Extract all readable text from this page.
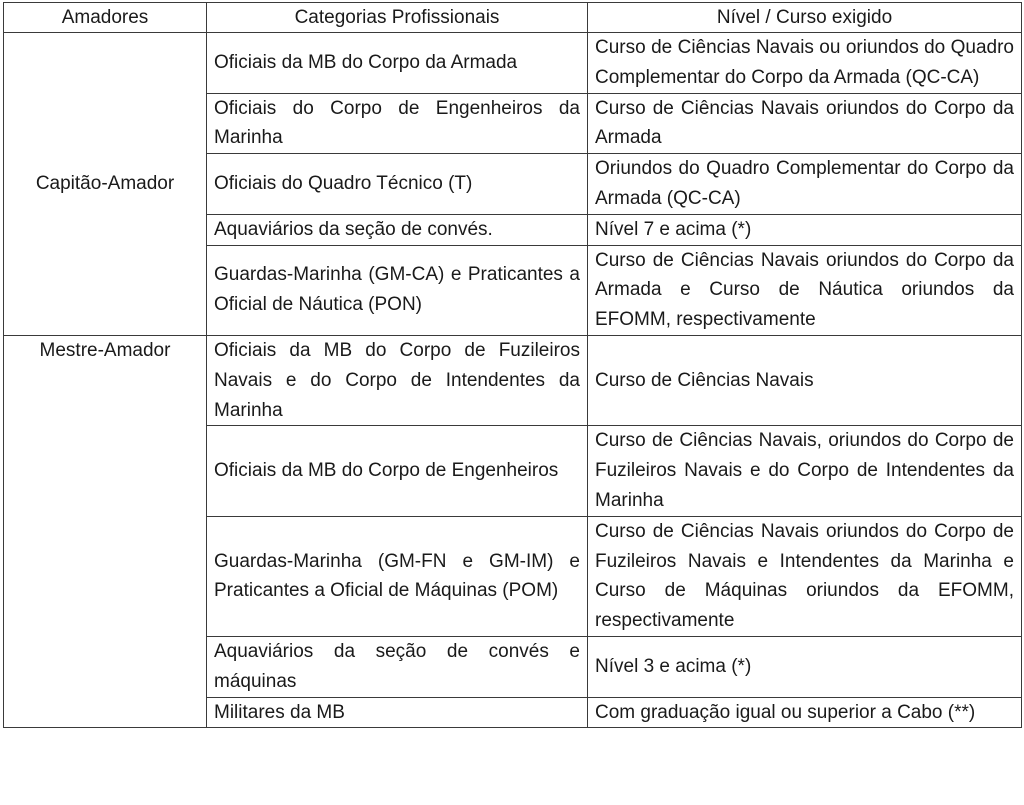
Amadores	Categorias Profissionais	Nível / Curso exigido
Capitão-Amador	Oficiais da MB do Corpo da Armada	Curso de Ciências Navais ou oriundos do Quadro Complementar do Corpo da Armada (QC-CA)
	Oficiais do Corpo de Engenheiros da Marinha	Curso de Ciências Navais oriundos do Corpo da Armada
	Oficiais do Quadro Técnico (T)	Oriundos do Quadro Complementar do Corpo da Armada (QC-CA)
	Aquaviários da seção de convés.	Nível 7 e acima (*)
	Guardas-Marinha (GM-CA) e Praticantes a Oficial de Náutica (PON)	Curso de Ciências Navais oriundos do Corpo da Armada e Curso de Náutica oriundos da EFOMM, respectivamente
Mestre-Amador	Oficiais da MB do Corpo de Fuzileiros Navais e do Corpo de Intendentes da Marinha	Curso de Ciências Navais
	Oficiais da MB do Corpo de Engenheiros	Curso de Ciências Navais, oriundos do Corpo de Fuzileiros Navais e do Corpo de Intendentes da Marinha
	Guardas-Marinha (GM-FN e GM-IM) e Praticantes a Oficial de Máquinas (POM)	Curso de Ciências Navais oriundos do Corpo de Fuzileiros Navais e Intendentes da Marinha e Curso de Máquinas oriundos da EFOMM, respectivamente
	Aquaviários da seção de convés e máquinas	Nível 3 e acima (*)
	Militares da MB	Com graduação igual ou superior a Cabo (**)
